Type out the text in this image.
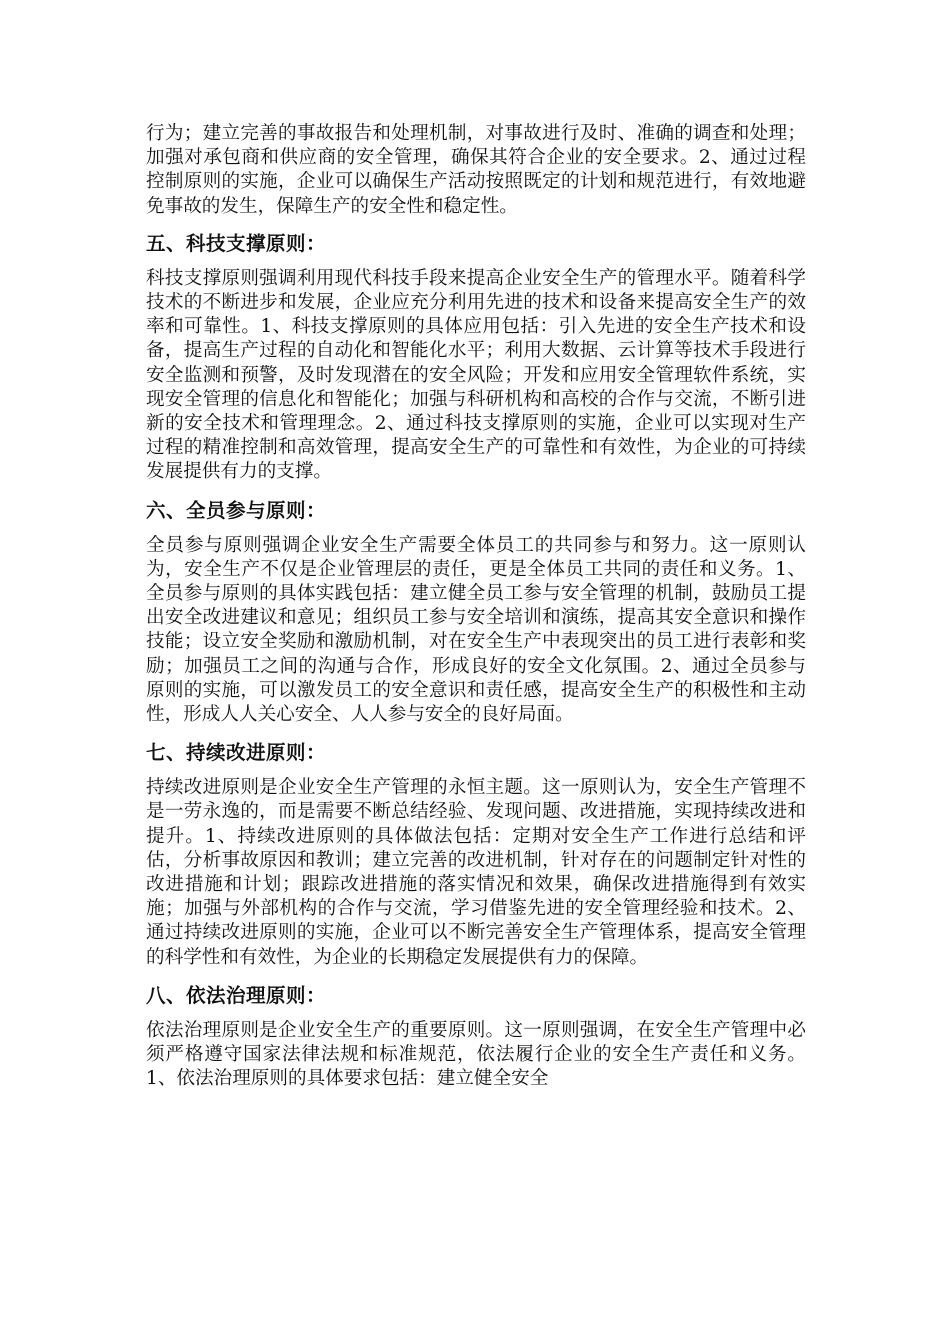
行为；建立完善的事故报告和处理机制，对事故进行及时、准确的调查和处理；加强对承包商和供应商的安全管理，确保其符合企业的安全要求。2、通过过程控制原则的实施，企业可以确保生产活动按照既定的计划和规范进行，有效地避免事故的发生，保障生产的安全性和稳定性。

五、科技支撑原则：

科技支撑原则强调利用现代科技手段来提高企业安全生产的管理水平。随着科学技术的不断进步和发展，企业应充分利用先进的技术和设备来提高安全生产的效率和可靠性。1、科技支撑原则的具体应用包括：引入先进的安全生产技术和设备，提高生产过程的自动化和智能化水平；利用大数据、云计算等技术手段进行安全监测和预警，及时发现潜在的安全风险；开发和应用安全管理软件系统，实现安全管理的信息化和智能化；加强与科研机构和高校的合作与交流，不断引进新的安全技术和管理理念。2、通过科技支撑原则的实施，企业可以实现对生产过程的精准控制和高效管理，提高安全生产的可靠性和有效性，为企业的可持续发展提供有力的支撑。

六、全员参与原则：

全员参与原则强调企业安全生产需要全体员工的共同参与和努力。这一原则认为，安全生产不仅是企业管理层的责任，更是全体员工共同的责任和义务。1、全员参与原则的具体实践包括：建立健全员工参与安全管理的机制，鼓励员工提出安全改进建议和意见；组织员工参与安全培训和演练，提高其安全意识和操作技能；设立安全奖励和激励机制，对在安全生产中表现突出的员工进行表彰和奖励；加强员工之间的沟通与合作，形成良好的安全文化氛围。2、通过全员参与原则的实施，可以激发员工的安全意识和责任感，提高安全生产的积极性和主动性，形成人人关心安全、人人参与安全的良好局面。

七、持续改进原则：

持续改进原则是企业安全生产管理的永恒主题。这一原则认为，安全生产管理不是一劳永逸的，而是需要不断总结经验、发现问题、改进措施，实现持续改进和提升。1、持续改进原则的具体做法包括：定期对安全生产工作进行总结和评估，分析事故原因和教训；建立完善的改进机制，针对存在的问题制定针对性的改进措施和计划；跟踪改进措施的落实情况和效果，确保改进措施得到有效实施；加强与外部机构的合作与交流，学习借鉴先进的安全管理经验和技术。2、通过持续改进原则的实施，企业可以不断完善安全生产管理体系，提高安全管理的科学性和有效性，为企业的长期稳定发展提供有力的保障。

八、依法治理原则：

依法治理原则是企业安全生产的重要原则。这一原则强调，在安全生产管理中必须严格遵守国家法律法规和标准规范，依法履行企业的安全生产责任和义务。1、依法治理原则的具体要求包括：建立健全安全
